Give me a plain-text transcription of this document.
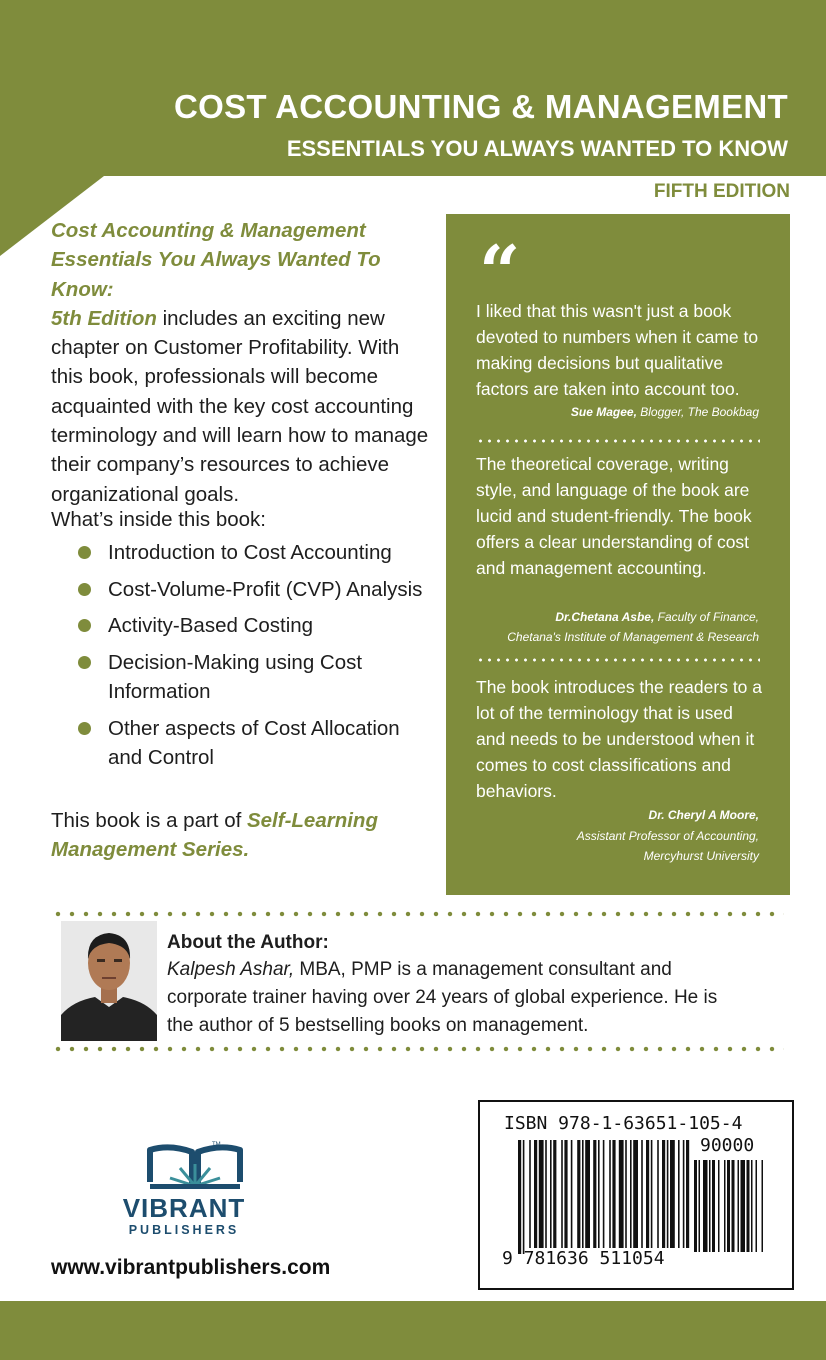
COST ACCOUNTING & MANAGEMENT
ESSENTIALS YOU ALWAYS WANTED TO KNOW
FIFTH EDITION
Cost Accounting & Management
Essentials You Always Wanted To Know:
5th Edition includes an exciting new chapter on Customer Profitability. With this book, professionals will become acquainted with the key cost accounting terminology and will learn how to manage their company’s resources to achieve organizational goals.
What’s inside this book:
Introduction to Cost Accounting
Cost-Volume-Profit (CVP) Analysis
Activity-Based Costing
Decision-Making using Cost Information
Other aspects of Cost Allocation and Control
This book is a part of Self-Learning
Management Series.
“
I liked that this wasn't just a book devoted to numbers when it came to making decisions but qualitative factors are taken into account too.
Sue Magee, Blogger, The Bookbag
The theoretical coverage, writing style, and language of the book are lucid and student-friendly. The book offers a clear understanding of cost and management accounting.
Dr.Chetana Asbe, Faculty of Finance,
Chetana's Institute of Management & Research
The book introduces the readers to a lot of the terminology that is used and needs to be understood when it comes to cost classifications and behaviors.
Dr. Cheryl A Moore,
Assistant Professor of Accounting,
Mercyhurst University
About the Author:
Kalpesh Ashar, MBA, PMP is a management consultant and corporate trainer having over 24 years of global experience. He is the author of 5 bestselling books on management.
TM
VIBRANT
PUBLISHERS
www.vibrantpublishers.com
ISBN 978-1-63651-105-4
90000
9 781636 511054
